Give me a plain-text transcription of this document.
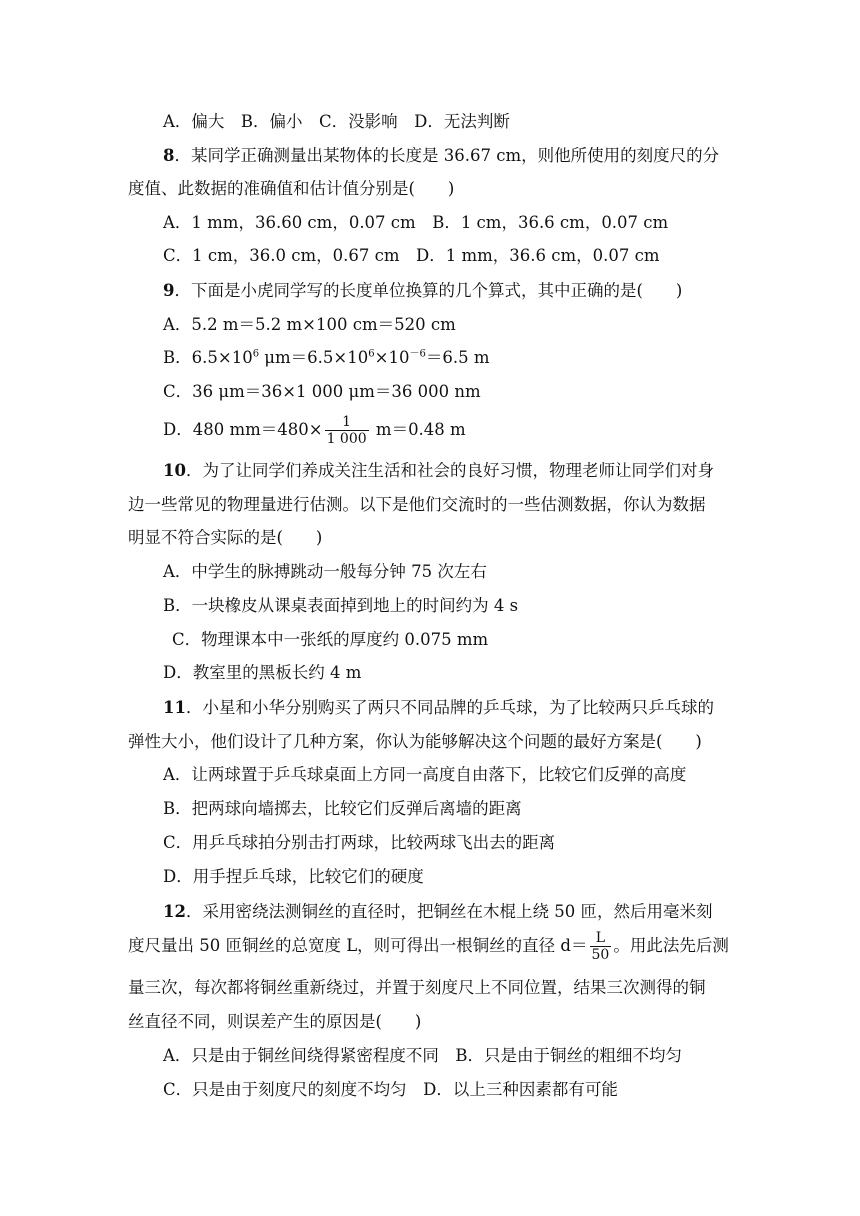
A．偏大　B．偏小　C．没影响　D．无法判断
8．某同学正确测量出某物体的长度是 36.67 cm，则他所使用的刻度尺的分
度值、此数据的准确值和估计值分别是(　　)
A．1 mm，36.60 cm，0.07 cm　B．1 cm，36.6 cm，0.07 cm
C．1 cm，36.0 cm，0.67 cm　D．1 mm，36.6 cm，0.07 cm
9．下面是小虎同学写的长度单位换算的几个算式，其中正确的是(　　)
A．5.2 m＝5.2 m×100 cm＝520 cm
B．$6.5\times 10^6$ $\mu m=6.5\times 10^6\times 10^{-6}=6.5$ m
C．36 μm＝36×1 000 μm＝36 000 nm
D．480 $mm=480\times \frac{1}{1 000} m=0.48$ m
10．为了让同学们养成关注生活和社会的良好习惯，物理老师让同学们对身
边一些常见的物理量进行估测。以下是他们交流时的一些估测数据，你认为数据
明显不符合实际的是(　　)
A．中学生的脉搏跳动一般每分钟 75 次左右
B．一块橡皮从课桌表面掉到地上的时间约为 4 s
C．物理课本中一张纸的厚度约 0.075 mm
D．教室里的黑板长约 4 m
11．小星和小华分别购买了两只不同品牌的乒乓球，为了比较两只乒乓球的
弹性大小，他们设计了几种方案，你认为能够解决这个问题的最好方案是(　　)
A．让两球置于乒乓球桌面上方同一高度自由落下，比较它们反弹的高度
B．把两球向墙掷去，比较它们反弹后离墙的距离
C．用乒乓球拍分别击打两球，比较两球飞出去的距离
D．用手捏乒乓球，比较它们的硬度
12．采用密绕法测铜丝的直径时，把铜丝在木棍上绕 50 匝，然后用毫米刻
度尺量出 50 匝铜丝的总宽度 L，则可得出一根铜丝的直径 $d= \frac{L}{50}$ 。用此法先后测
量三次，每次都将铜丝重新绕过，并置于刻度尺上不同位置，结果三次测得的铜
丝直径不同，则误差产生的原因是(　　)
A．只是由于铜丝间绕得紧密程度不同　B．只是由于铜丝的粗细不均匀
C．只是由于刻度尺的刻度不均匀　D．以上三种因素都有可能
